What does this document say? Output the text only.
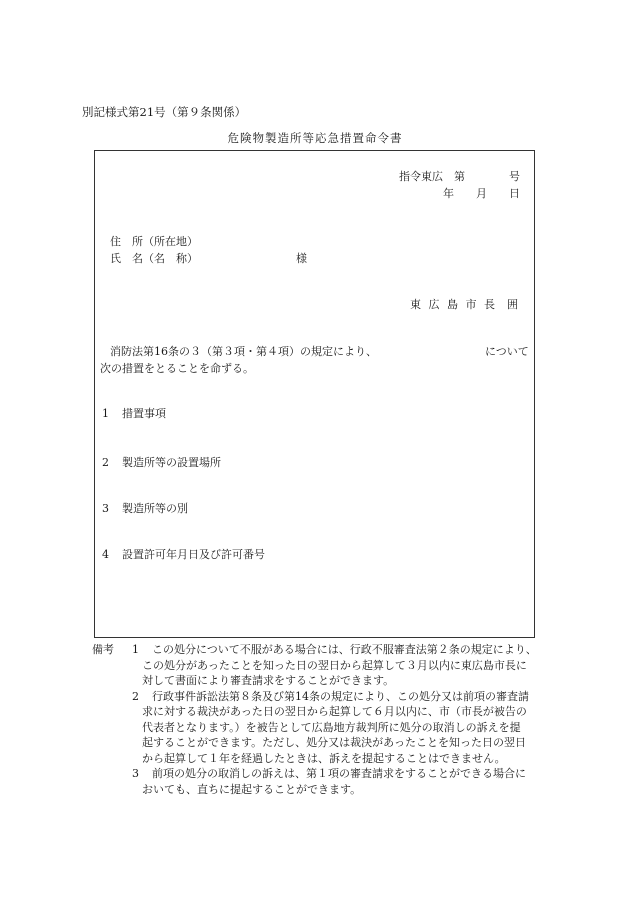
別記様式第21号（第９条関係）
危険物製造所等応急措置命令書
指令東広　第　　　　号
年　　月　　日
住　所（所在地）
氏　名（名　称）	様
東 広 島 市 長 囲
消防法第16条の３（第３項・第４項）の規定により、	について
次の措置をとることを命ずる。
1 措置事項
2 製造所等の設置場所
3 製造所等の別
4 設置許可年月日及び許可番号
備考 1 この処分について不服がある場合には、行政不服審査法第２条の規定により、
この処分があったことを知った日の翌日から起算して３月以内に東広島市長に
対して書面により審査請求をすることができます。
2 行政事件訴訟法第８条及び第14条の規定により、この処分又は前項の審査請
求に対する裁決があった日の翌日から起算して６月以内に、市（市長が被告の
代表者となります。）を被告として広島地方裁判所に処分の取消しの訴えを提
起することができます。ただし、処分又は裁決があったことを知った日の翌日
から起算して１年を経過したときは、訴えを提起することはできません。
3 前項の処分の取消しの訴えは、第１項の審査請求をすることができる場合に
おいても、直ちに提起することができます。
